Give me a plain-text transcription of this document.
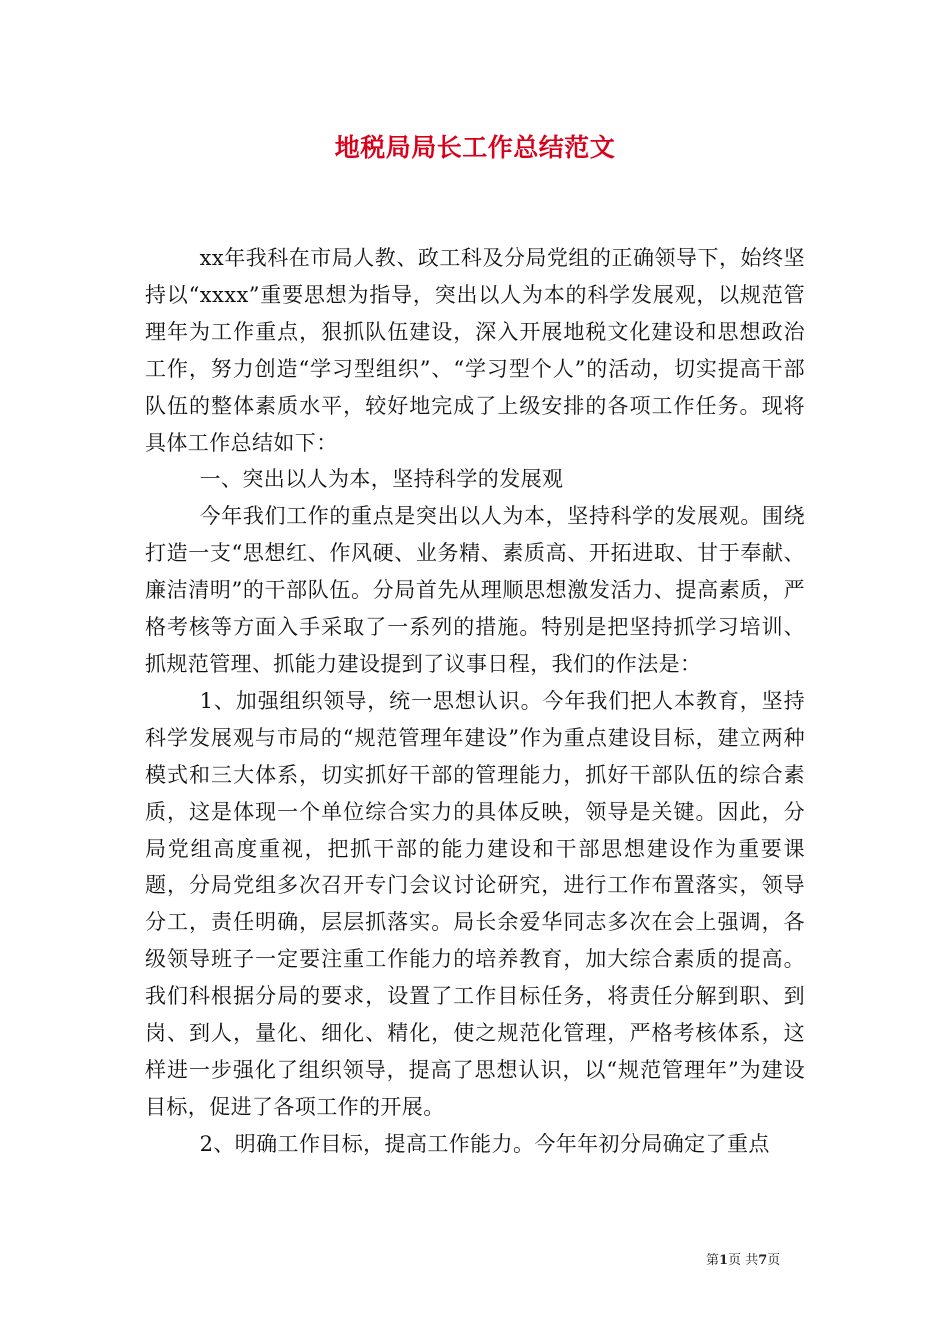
地税局局长工作总结范文

xx年我科在市局人教、政工科及分局党组的正确领导下，始终坚持以“xxxx”重要思想为指导，突出以人为本的科学发展观，以规范管理年为工作重点，狠抓队伍建设，深入开展地税文化建设和思想政治工作，努力创造“学习型组织”、“学习型个人”的活动，切实提高干部队伍的整体素质水平，较好地完成了上级安排的各项工作任务。现将具体工作总结如下：

一、突出以人为本，坚持科学的发展观

今年我们工作的重点是突出以人为本，坚持科学的发展观。围绕打造一支“思想红、作风硬、业务精、素质高、开拓进取、甘于奉献、廉洁清明”的干部队伍。分局首先从理顺思想激发活力、提高素质，严格考核等方面入手采取了一系列的措施。特别是把坚持抓学习培训、抓规范管理、抓能力建设提到了议事日程，我们的作法是：

1、加强组织领导，统一思想认识。今年我们把人本教育，坚持科学发展观与市局的“规范管理年建设”作为重点建设目标，建立两种模式和三大体系，切实抓好干部的管理能力，抓好干部队伍的综合素质，这是体现一个单位综合实力的具体反映，领导是关键。因此，分局党组高度重视，把抓干部的能力建设和干部思想建设作为重要课题，分局党组多次召开专门会议讨论研究，进行工作布置落实，领导分工，责任明确，层层抓落实。局长余爱华同志多次在会上强调，各级领导班子一定要注重工作能力的培养教育，加大综合素质的提高。我们科根据分局的要求，设置了工作目标任务，将责任分解到职、到岗、到人，量化、细化、精化，使之规范化管理，严格考核体系，这样进一步强化了组织领导，提高了思想认识，以“规范管理年”为建设目标，促进了各项工作的开展。

2、明确工作目标，提高工作能力。今年年初分局确定了重点

第1页 共7页
